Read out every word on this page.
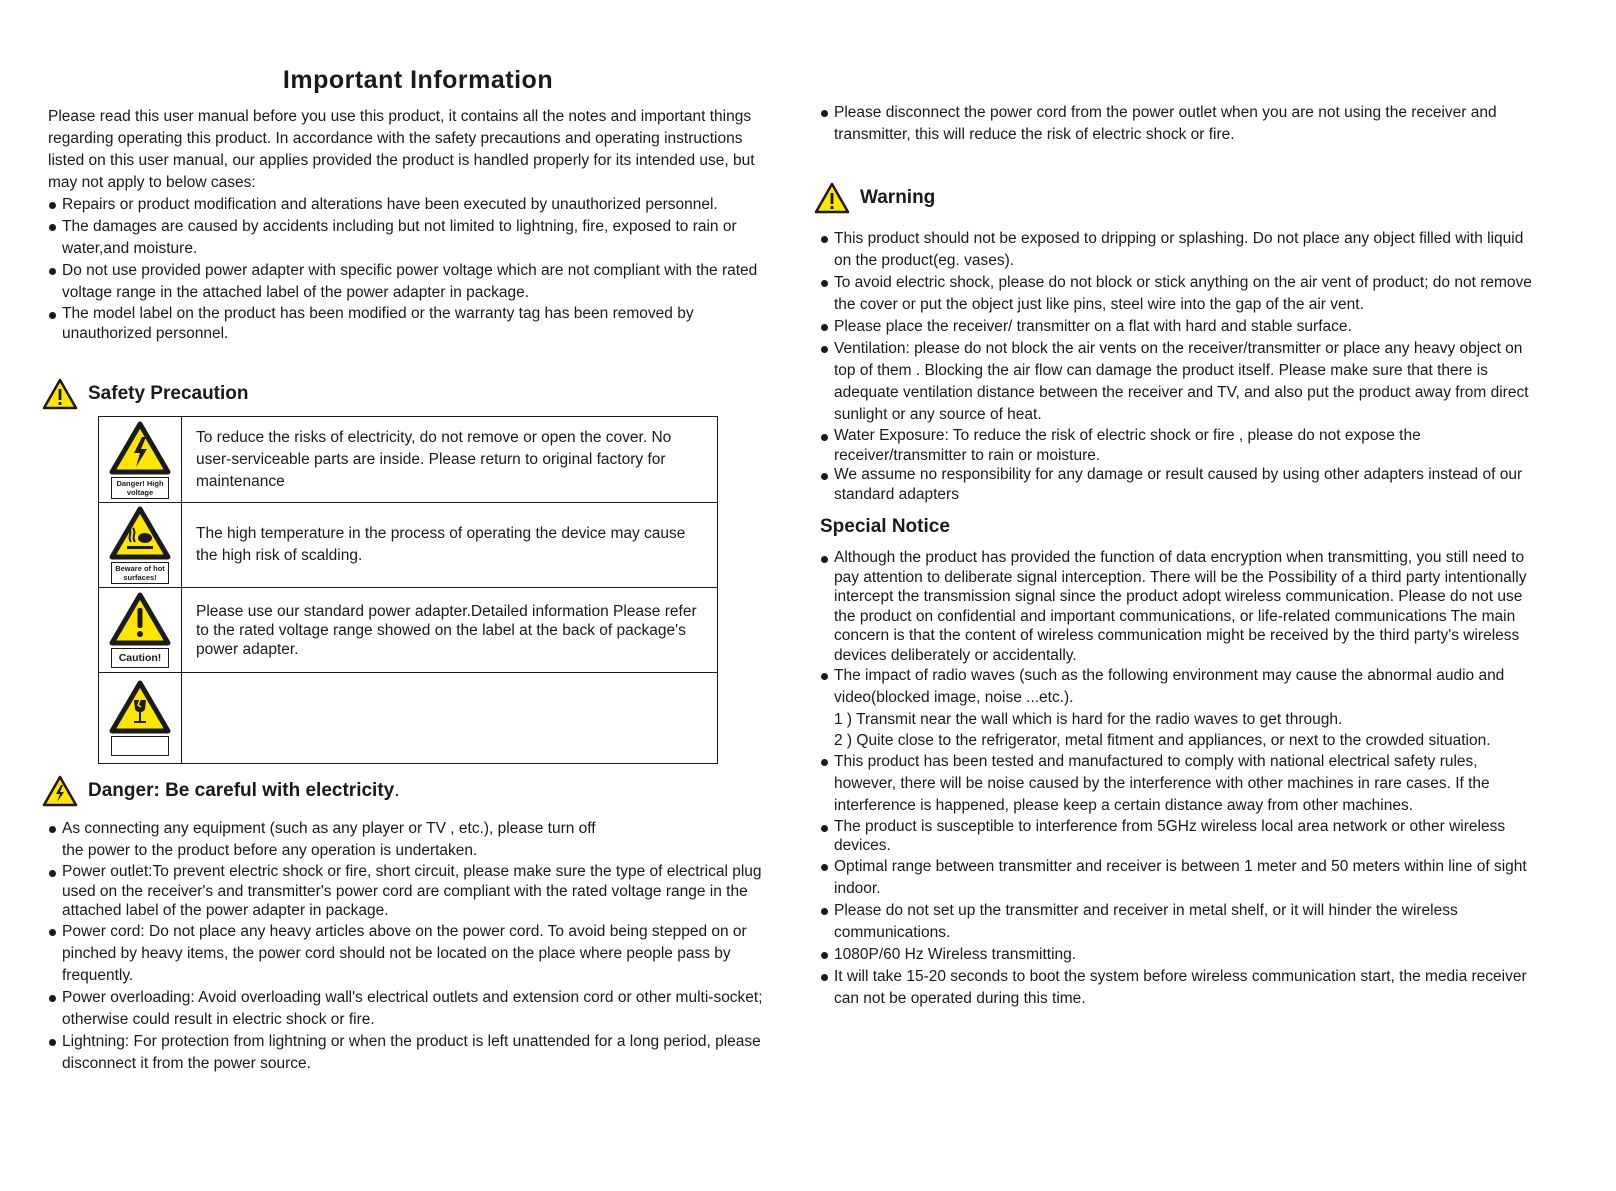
Important Information

Please read this user manual before you use this product, it contains all the notes and important things regarding operating this product. In accordance with the safety precautions and operating instructions listed on this user manual, our applies provided the product is handled properly for its intended use, but may not apply to below cases:

Repairs or product modification and alterations have been executed by unauthorized personnel.
The damages are caused by accidents including but not limited to lightning, fire, exposed to rain or water,and moisture.
Do not use provided power adapter with specific power voltage which are not compliant with the rated voltage range in the attached label of the power adapter in package.
The model label on the product has been modified or the warranty tag has been removed by unauthorized personnel.
Safety Precaution
Danger! High voltage	To reduce the risks of electricity, do not remove or open the cover. No user-serviceable parts are inside. Please return to original factory for maintenance

Beware of hot surfaces!	The high temperature in the process of operating the device may cause the high risk of scalding.

Caution!	Please use our standard power adapter.Detailed information Please refer to the rated voltage range showed on the label at the back of package's power adapter.

Danger: Be careful with electricity.
As connecting any equipment (such as any player or TV , etc.), please turn off the power to the product before any operation is undertaken.
Power outlet:To prevent electric shock or fire, short circuit, please make sure the type of electrical plug used on the receiver's and transmitter's power cord are compliant with the rated voltage range in the attached label of the power adapter in package.
Power cord: Do not place any heavy articles above on the power cord. To avoid being stepped on or pinched by heavy items, the power cord should not be located on the place where people pass by frequently.
Power overloading: Avoid overloading wall's electrical outlets and extension cord or other multi-socket; otherwise could result in electric shock or fire.
Lightning: For protection from lightning or when the product is left unattended for a long period, please disconnect it from the power source.
Please disconnect the power cord from the power outlet when you are not using the receiver and transmitter, this will reduce the risk of electric shock or fire.
Warning
This product should not be exposed to dripping or splashing. Do not place any object filled with liquid on the product(eg. vases).
To avoid electric shock, please do not block or stick anything on the air vent of product; do not remove the cover or put the object just like pins, steel wire into the gap of the air vent.
Please place the receiver/ transmitter on a flat with hard and stable surface.
Ventilation: please do not block the air vents on the receiver/transmitter or place any heavy object on top of them . Blocking the air flow can damage the product itself. Please make sure that there is adequate ventilation distance between the receiver and TV, and also put the product away from direct sunlight or any source of heat.
Water Exposure: To reduce the risk of electric shock or fire , please do not expose the receiver/transmitter to rain or moisture.
We assume no responsibility for any damage or result caused by using other adapters instead of our standard adapters
Special Notice
Although the product has provided the function of data encryption when transmitting, you still need to pay attention to deliberate signal interception. There will be the Possibility of a third party intentionally intercept the transmission signal since the product adopt wireless communication. Please do not use the product on confidential and important communications, or life-related communications The main concern is that the content of wireless communication might be received by the third party's wireless devices deliberately or accidentally.
The impact of radio waves (such as the following environment may cause the abnormal audio and video(blocked image, noise ...etc.).
1 ) Transmit near the wall which is hard for the radio waves to get through.
2 ) Quite close to the refrigerator, metal fitment and appliances, or next to the crowded situation.
This product has been tested and manufactured to comply with national electrical safety rules, however, there will be noise caused by the interference with other machines in rare cases. If the interference is happened, please keep a certain distance away from other machines.
The product is susceptible to interference from 5GHz wireless local area network or other wireless devices.
Optimal range between transmitter and receiver is between 1 meter and 50 meters within line of sight indoor.
Please do not set up the transmitter and receiver in metal shelf, or it will hinder the wireless communications.
1080P/60 Hz Wireless transmitting.
It will take 15-20 seconds to boot the system before wireless communication start, the media receiver can not be operated during this time.
